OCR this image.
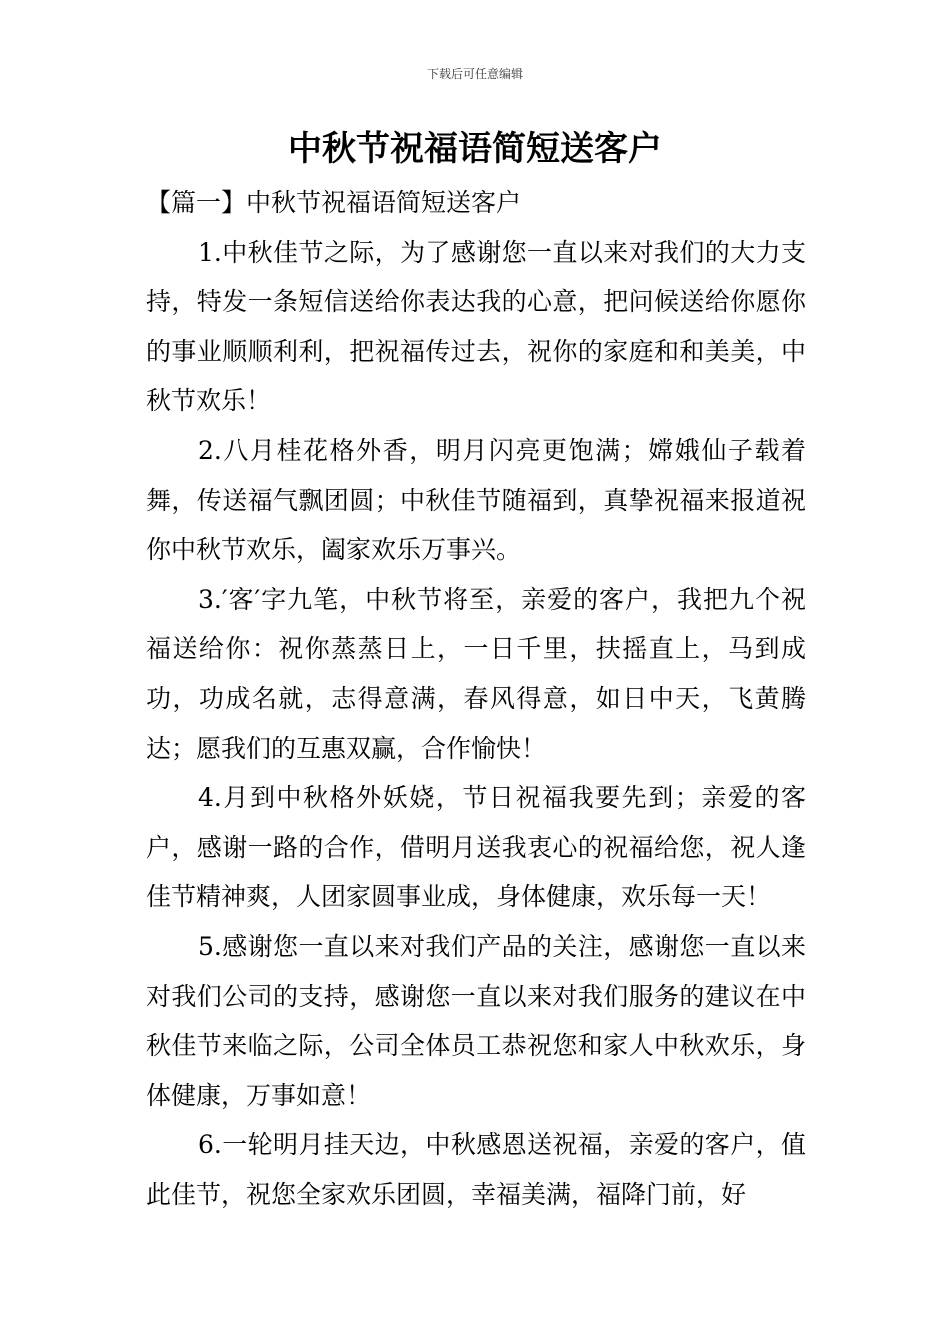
下载后可任意编辑
中秋节祝福语简短送客户

【篇一】中秋节祝福语简短送客户

1.中秋佳节之际，为了感谢您一直以来对我们的大力支持，特发一条短信送给你表达我的心意，把问候送给你愿你的事业顺顺利利，把祝福传过去，祝你的家庭和和美美，中秋节欢乐！

2.八月桂花格外香，明月闪亮更饱满；嫦娥仙子载着舞，传送福气飘团圆；中秋佳节随福到，真挚祝福来报道祝你中秋节欢乐，阖家欢乐万事兴。

3.′客′字九笔，中秋节将至，亲爱的客户，我把九个祝福送给你：祝你蒸蒸日上，一日千里，扶摇直上，马到成功，功成名就，志得意满，春风得意，如日中天，飞黄腾达；愿我们的互惠双赢，合作愉快！

4.月到中秋格外妖娆，节日祝福我要先到；亲爱的客户，感谢一路的合作，借明月送我衷心的祝福给您，祝人逢佳节精神爽，人团家圆事业成，身体健康，欢乐每一天！

5.感谢您一直以来对我们产品的关注，感谢您一直以来对我们公司的支持，感谢您一直以来对我们服务的建议在中秋佳节来临之际，公司全体员工恭祝您和家人中秋欢乐，身体健康，万事如意！

6.一轮明月挂天边，中秋感恩送祝福，亲爱的客户，值此佳节，祝您全家欢乐团圆，幸福美满，福降门前，好
